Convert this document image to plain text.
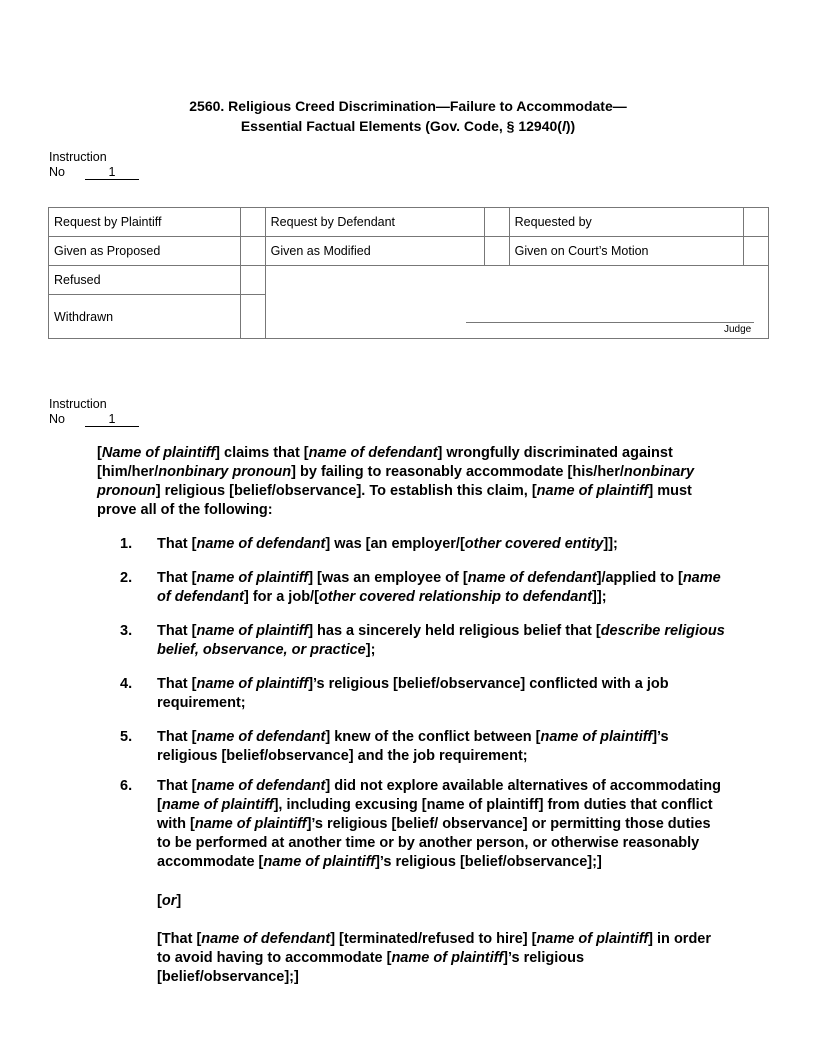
2560. Religious Creed Discrimination—Failure to Accommodate—
Essential Factual Elements (Gov. Code, § 12940(l))
Instruction
No	1
Request by Plaintiff		Request by Defendant		Requested by	
Given as Proposed		Given as Modified		Given on Court’s Motion	
Refused					
Withdrawn					
Judge
Instruction
No	1

[Name of plaintiff] claims that [name of defendant] wrongfully discriminated against [him/her/nonbinary pronoun] by failing to reasonably accommodate [his/her/nonbinary pronoun] religious [belief/observance]. To establish this claim, [name of plaintiff] must prove all of the following:

1.	That [name of defendant] was [an employer/[other covered entity]];
2.	That [name of plaintiff] [was an employee of [name of defendant]/applied to [name of defendant] for a job/[other covered relationship to defendant]];
3.	That [name of plaintiff] has a sincerely held religious belief that [describe religious belief, observance, or practice];
4.	That [name of plaintiff]’s religious [belief/observance] conflicted with a job requirement;
5.	That [name of defendant] knew of the conflict between [name of plaintiff]’s religious [belief/observance] and the job requirement;
6.	That [name of defendant] did not explore available alternatives of accommodating [name of plaintiff], including excusing [name of plaintiff] from duties that conflict with [name of plaintiff]’s religious [belief/ observance] or permitting those duties to be performed at another time or by another person, or otherwise reasonably accommodate [name of plaintiff]’s religious [belief/observance];]
[or]
[That [name of defendant] [terminated/refused to hire] [name of plaintiff] in order to avoid having to accommodate [name of plaintiff]’s religious [belief/observance];]
